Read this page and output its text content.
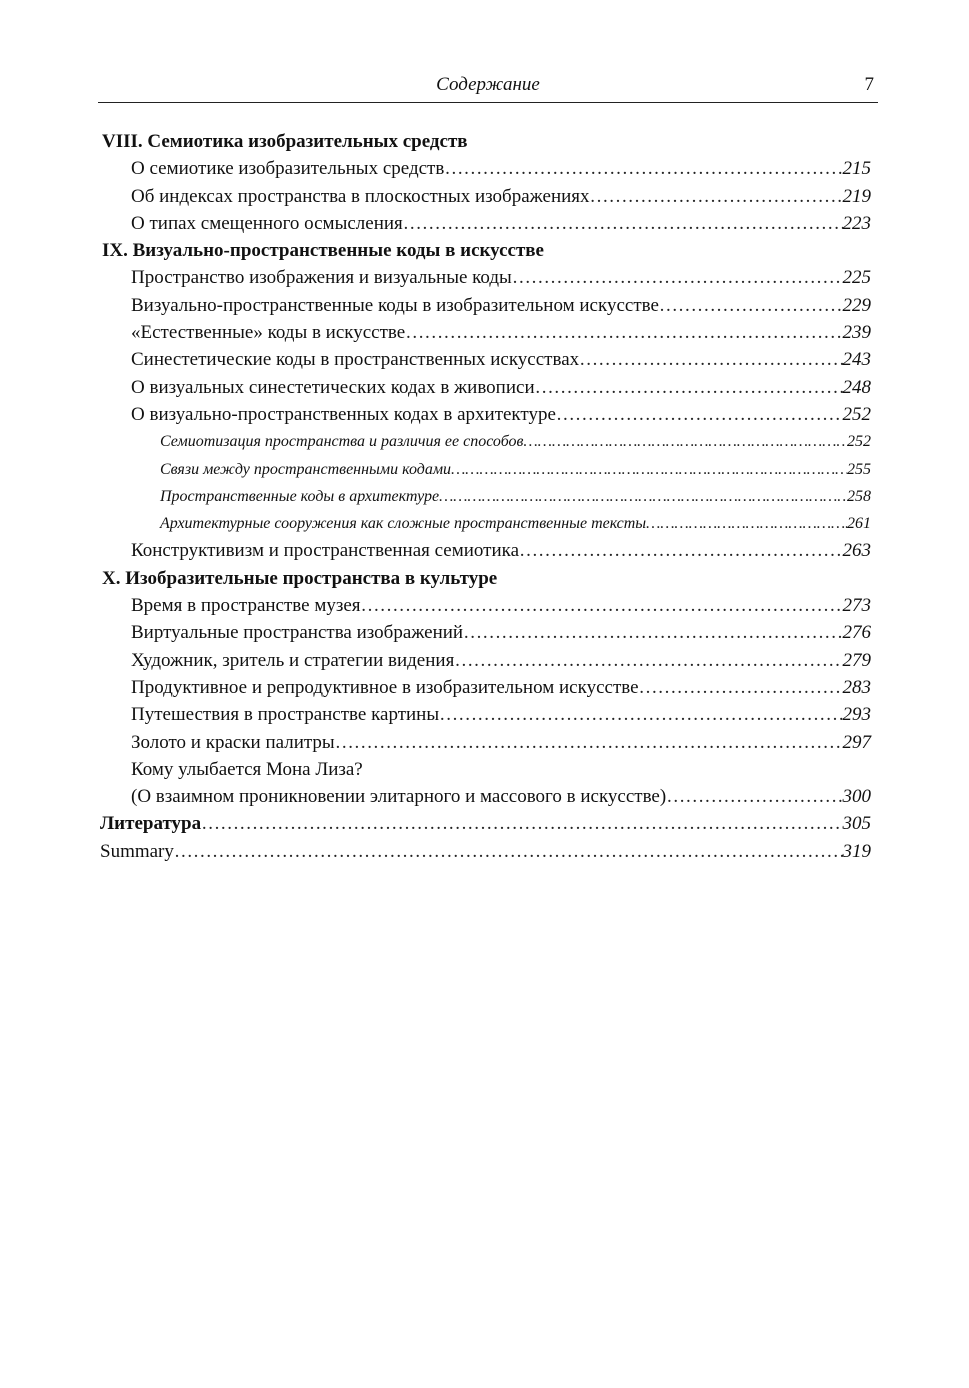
Содержание	7
VIII. Семиотика изобразительных средств
О семиотике изобразительных средств ……………………………………………………………………………………………………………………………………………………………………………………………………	215
Об индексах пространства в плоскостных изображениях ……………………………………………………………………………………………………………………………………………………………………………………………………	219
О типах смещенного осмысления ……………………………………………………………………………………………………………………………………………………………………………………………………	223
IX. Визуально-пространственные коды в искусстве
Пространство изображения и визуальные коды ……………………………………………………………………………………………………………………………………………………………………………………………………	225
Визуально-пространственные коды в изобразительном искусстве ……………………………………………………………………………………………………………………………………………………………………………………………………	229
«Естественные» коды в искусстве ……………………………………………………………………………………………………………………………………………………………………………………………………	239
Синестетические коды в пространственных искусствах ……………………………………………………………………………………………………………………………………………………………………………………………………	243
О визуальных синестетических кодах в живописи ……………………………………………………………………………………………………………………………………………………………………………………………………	248
О визуально-пространственных кодах в архитектуре ……………………………………………………………………………………………………………………………………………………………………………………………………	252
Семиотизация пространства и различия ее способов ……………………………………………………………………………………………………………………………………………………………………………………………………	252
Связи между пространственными кодами ……………………………………………………………………………………………………………………………………………………………………………………………………	255
Пространственные коды в архитектуре ……………………………………………………………………………………………………………………………………………………………………………………………………	258
Архитектурные сооружения как сложные пространственные тексты ……………………………………………………………………………………………………………………………………………………………………………………………………	261
Конструктивизм и пространственная семиотика ……………………………………………………………………………………………………………………………………………………………………………………………………	263
X. Изобразительные пространства в культуре
Время в пространстве музея ……………………………………………………………………………………………………………………………………………………………………………………………………	273
Виртуальные пространства изображений ……………………………………………………………………………………………………………………………………………………………………………………………………	276
Художник, зритель и стратегии видения ……………………………………………………………………………………………………………………………………………………………………………………………………	279
Продуктивное и репродуктивное в изобразительном искусстве ……………………………………………………………………………………………………………………………………………………………………………………………………	283
Путешествия в пространстве картины ……………………………………………………………………………………………………………………………………………………………………………………………………	293
Золото и краски палитры ……………………………………………………………………………………………………………………………………………………………………………………………………	297
Кому улыбается Мона Лиза?
(О взаимном проникновении элитарного и массового в искусстве) ……………………………………………………………………………………………………………………………………………………………………………………………………	300
Литература ……………………………………………………………………………………………………………………………………………………………………………………………………	305
Summary ……………………………………………………………………………………………………………………………………………………………………………………………………	319
